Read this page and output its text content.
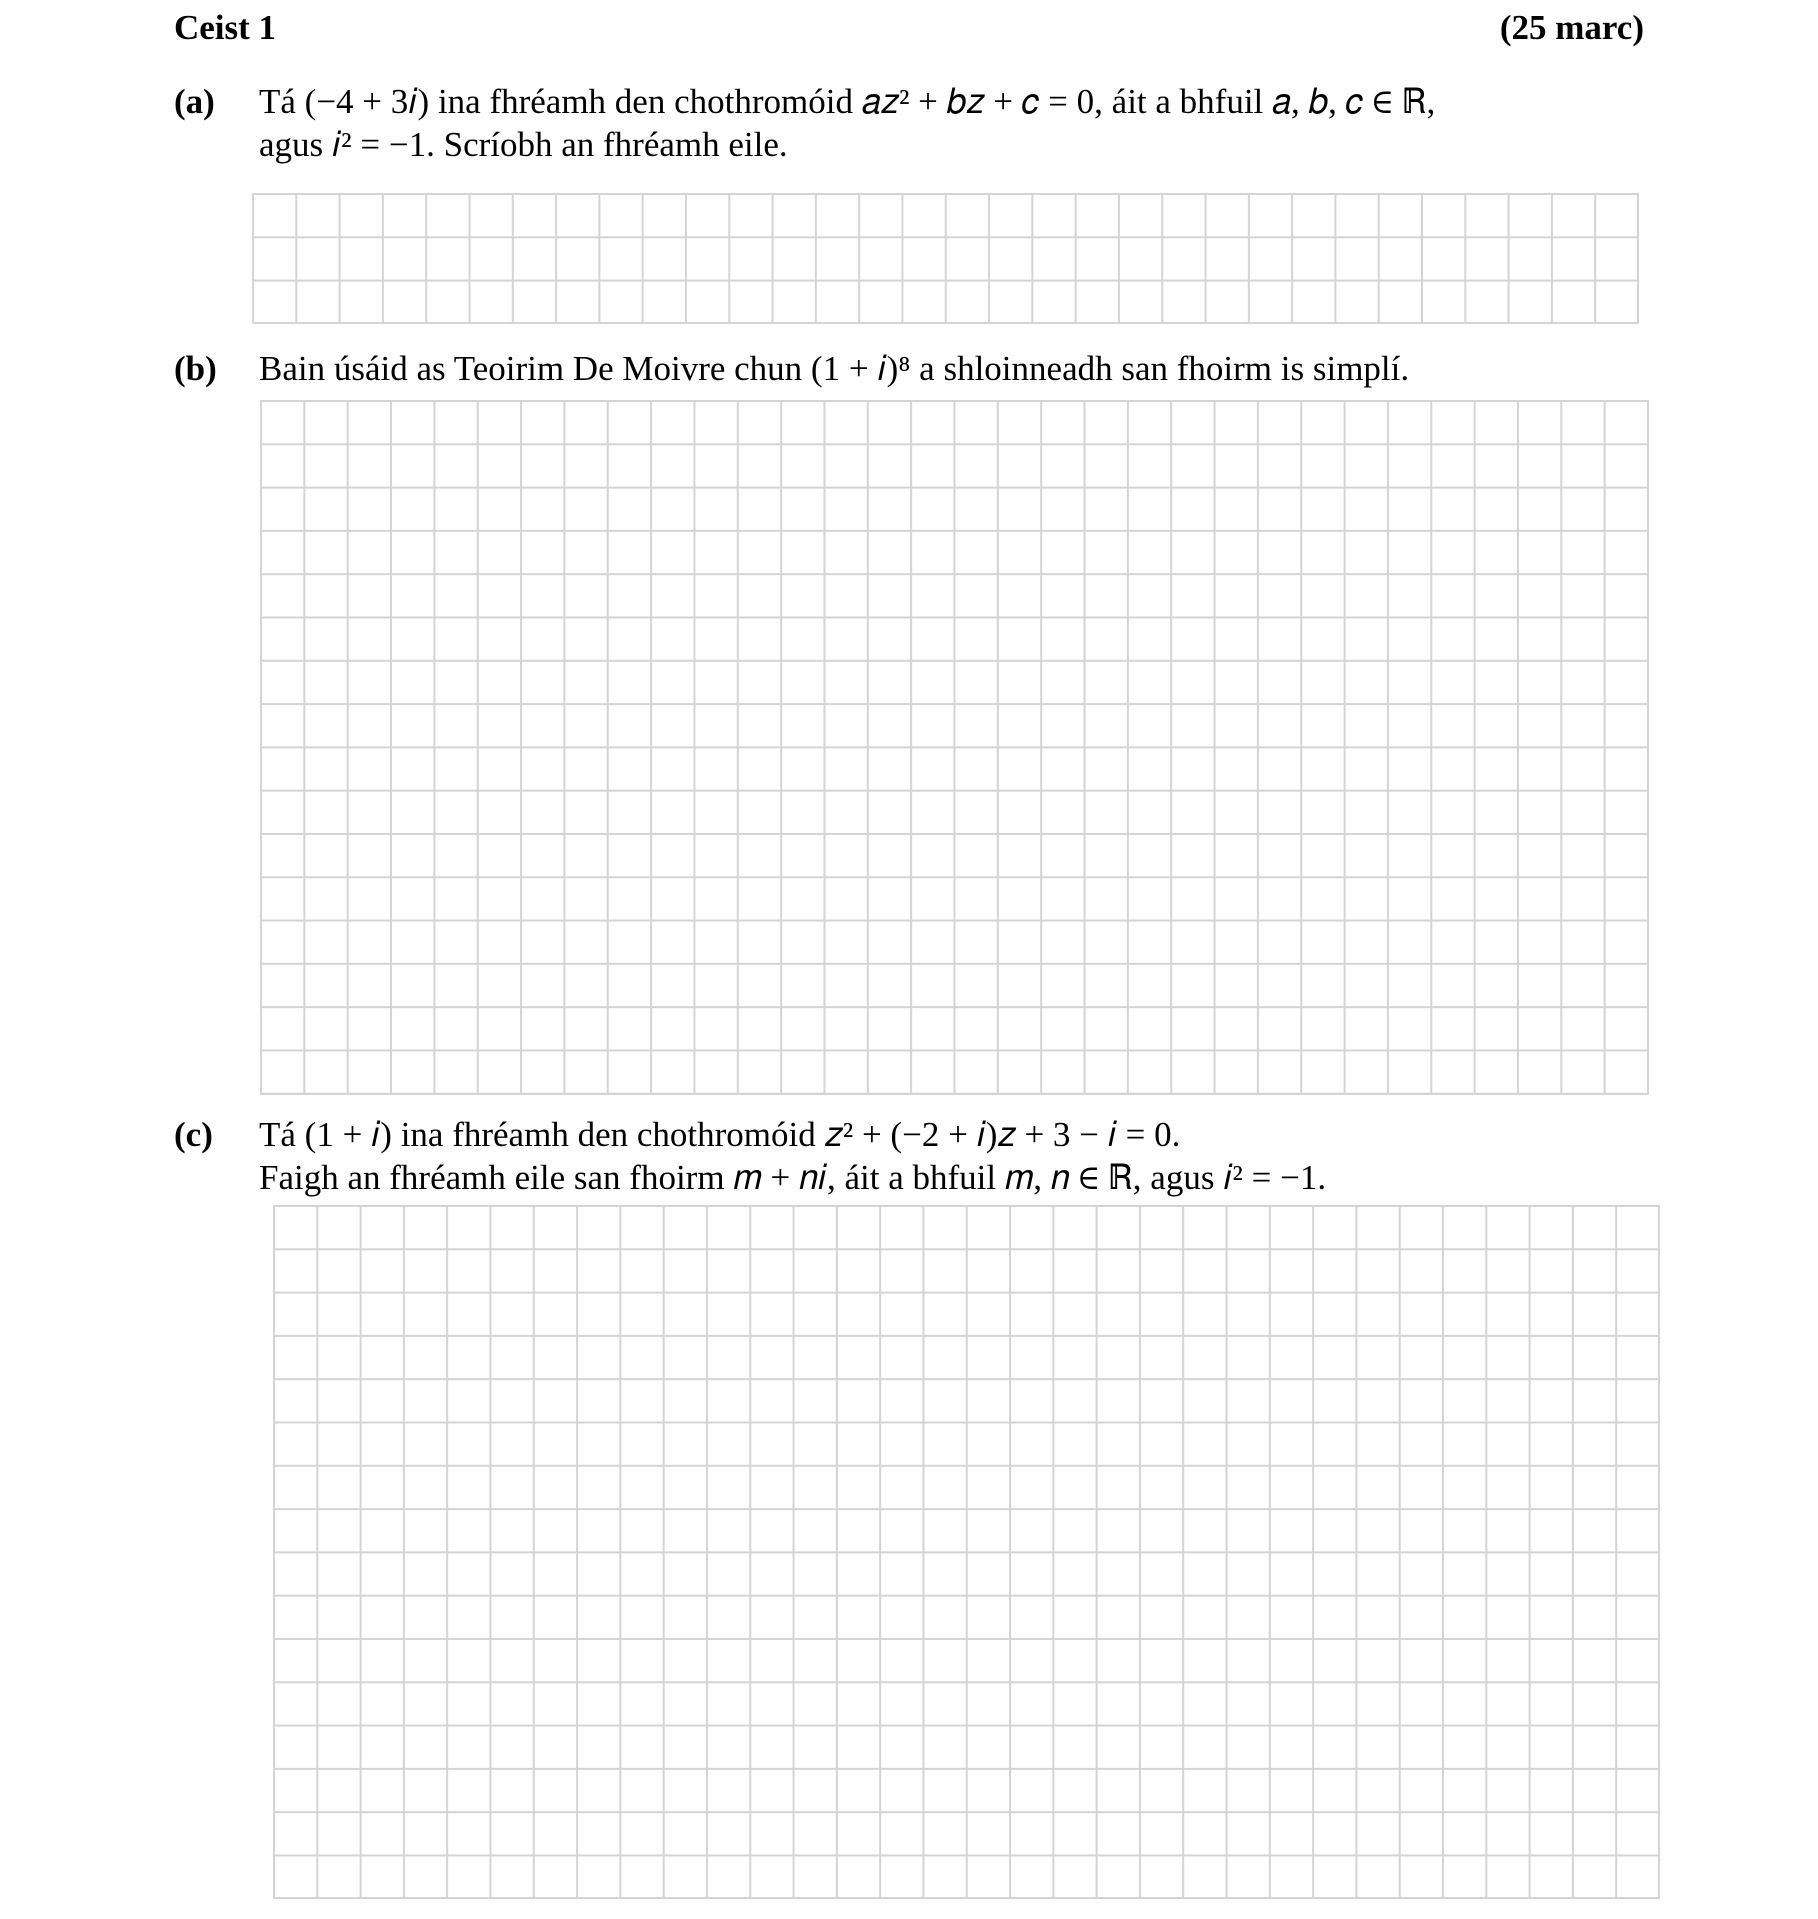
Ceist 1	(25 marc)
(a) Tá (−4 + 3𝑖) ina fhréamh den chothromóid 𝑎𝑧² + 𝑏𝑧 + 𝑐 = 0, áit a bhfuil 𝑎, 𝑏, 𝑐 ∈ ℝ,
agus 𝑖² = −1. Scríobh an fhréamh eile.
(b) Bain úsáid as Teoirim De Moivre chun (1 + 𝑖)⁸ a shloinneadh san fhoirm is simplí.
(c) Tá (1 + 𝑖) ina fhréamh den chothromóid 𝑧² + (−2 + 𝑖)𝑧 + 3 − 𝑖 = 0.
Faigh an fhréamh eile san fhoirm 𝑚 + 𝑛𝑖, áit a bhfuil 𝑚, 𝑛 ∈ ℝ, agus 𝑖² = −1.
